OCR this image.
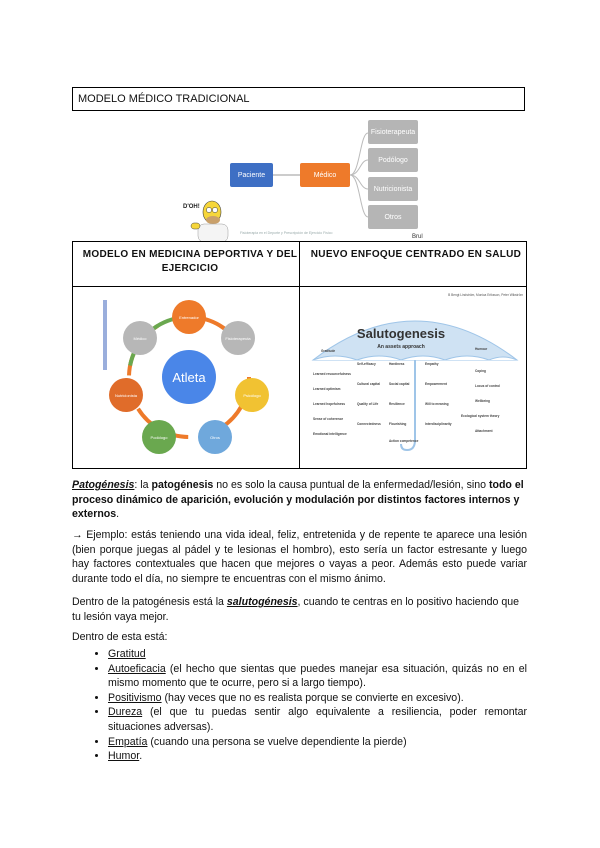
MODELO MÉDICO TRADICIONAL
Paciente	Médico
Fisioterapeuta
Podólogo
Nutricionista
Otros
Fisioterapia en el Deporte y Prescripción de Ejercicio Físico
Brul
D'OH!
MODELO EN MEDICINA DEPORTIVA Y DEL EJERCICIO
NUEVO ENFOQUE CENTRADO EN SALUD
Atleta
Entrenador
Fisioterapeuta
Psicólogo
Otros
Podólogo
Nutricionista
Médico
B Bengt Lindström, Monica Eriksson, Peter Wikström
Salutogenesis
An assets approach
Gratitude
Learned resourcefulness
Learned optimism
Learned hopefulness
Sense of coherence
Emotional intelligence
Self-efficacy
Cultural capital
Quality of Life
Connectedness
Hardiness
Social capital
Resilience
Flourishing
Action competence
Empathy
Empowerment
Will to meaning
Interdisciplinarity
Humour
Coping
Locus of control
Wellbeing
Ecological system theory
Attachment
Patogénesis: la patogénesis no es solo la causa puntual de la enfermedad/lesión, sino todo el proceso dinámico de aparición, evolución y modulación por distintos factores internos y externos.
→ Ejemplo: estás teniendo una vida ideal, feliz, entretenida y de repente te aparece una lesión (bien porque juegas al pádel y te lesionas el hombro), esto sería un factor estresante y luego hay factores contextuales que hacen que mejores o vayas a peor. Además esto puede variar durante todo el día, no siempre te encuentras con el mismo ánimo.
Dentro de la patogénesis está la salutogénesis, cuando te centras en lo positivo haciendo que tu lesión vaya mejor.
Dentro de esta está:
• Gratitud
• Autoeficacia (el hecho que sientas que puedes manejar esa situación, quizás no en el mismo momento que te ocurre, pero si a largo tiempo).
• Positivismo (hay veces que no es realista porque se convierte en excesivo).
• Dureza (el que tu puedas sentir algo equivalente a resiliencia, poder remontar situaciones adversas).
• Empatía (cuando una persona se vuelve dependiente la pierde)
• Humor.
